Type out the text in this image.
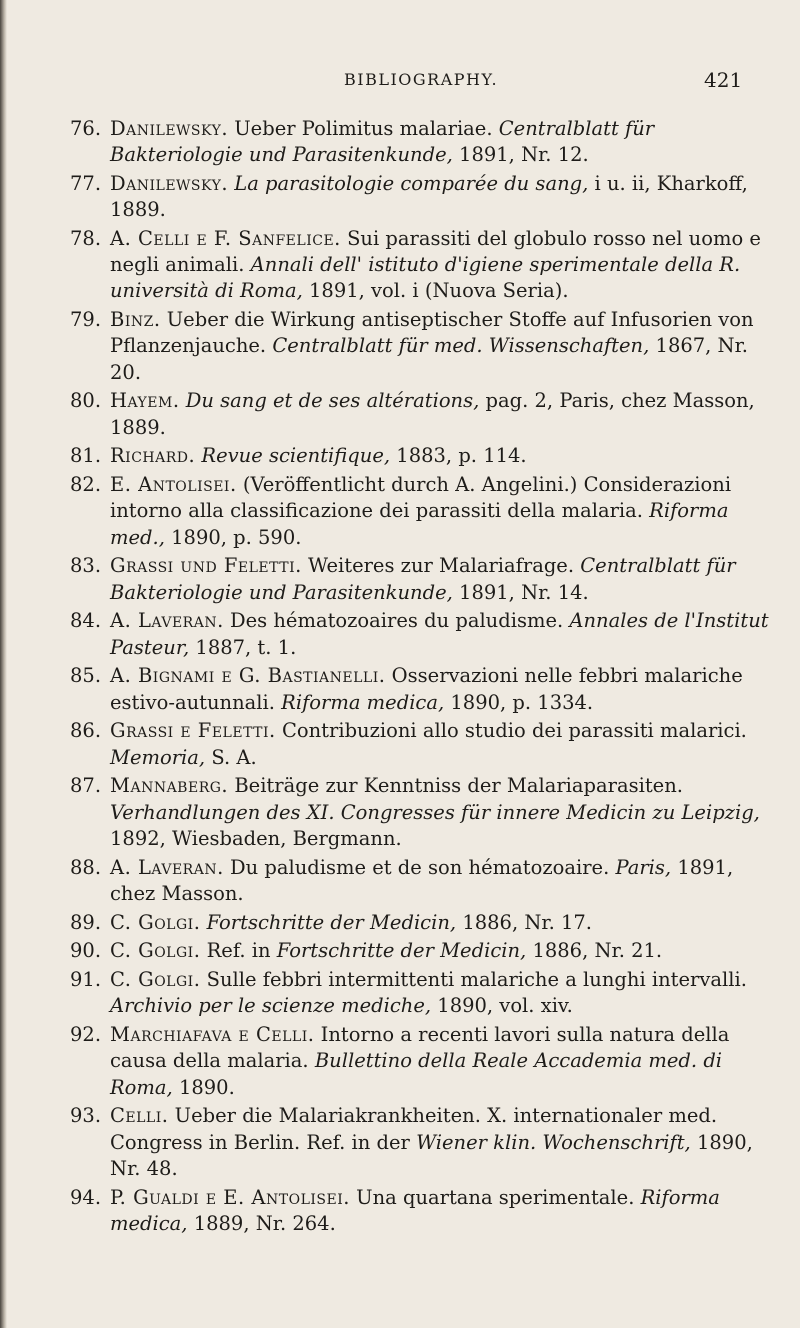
BIBLIOGRAPHY.	421
76. Danilewsky. Ueber Polimitus malariae. Centralblatt für Bakteriologie und Parasitenkunde, 1891, Nr. 12.
77. Danilewsky. La parasitologie comparée du sang, i u. ii, Kharkoff, 1889.
78. A. Celli e F. Sanfelice. Sui parassiti del globulo rosso nel uomo e negli animali. Annali dell' istituto d'igiene sperimentale della R. università di Roma, 1891, vol. i (Nuova Seria).
79. Binz. Ueber die Wirkung antiseptischer Stoffe auf Infusorien von Pflanzenjauche. Centralblatt für med. Wissenschaften, 1867, Nr. 20.
80. Hayem. Du sang et de ses altérations, pag. 2, Paris, chez Masson, 1889.
81. Richard. Revue scientifique, 1883, p. 114.
82. E. Antolisei. (Veröffentlicht durch A. Angelini.) Considerazioni intorno alla classificazione dei parassiti della malaria. Riforma med., 1890, p. 590.
83. Grassi und Feletti. Weiteres zur Malariafrage. Centralblatt für Bakteriologie und Parasitenkunde, 1891, Nr. 14.
84. A. Laveran. Des hématozoaires du paludisme. Annales de l'Institut Pasteur, 1887, t. 1.
85. A. Bignami e G. Bastianelli. Osservazioni nelle febbri malariche estivo-autunnali. Riforma medica, 1890, p. 1334.
86. Grassi e Feletti. Contribuzioni allo studio dei parassiti malarici. Memoria, S. A.
87. Mannaberg. Beiträge zur Kenntniss der Malariaparasiten. Verhandlungen des XI. Congresses für innere Medicin zu Leipzig, 1892, Wiesbaden, Bergmann.
88. A. Laveran. Du paludisme et de son hématozoaire. Paris, 1891, chez Masson.
89. C. Golgi. Fortschritte der Medicin, 1886, Nr. 17.
90. C. Golgi. Ref. in Fortschritte der Medicin, 1886, Nr. 21.
91. C. Golgi. Sulle febbri intermittenti malariche a lunghi intervalli. Archivio per le scienze mediche, 1890, vol. xiv.
92. Marchiafava e Celli. Intorno a recenti lavori sulla natura della causa della malaria. Bullettino della Reale Accademia med. di Roma, 1890.
93. Celli. Ueber die Malariakrankheiten. X. internationaler med. Congress in Berlin. Ref. in der Wiener klin. Wochenschrift, 1890, Nr. 48.
94. P. Gualdi e E. Antolisei. Una quartana sperimentale. Riforma medica, 1889, Nr. 264.
